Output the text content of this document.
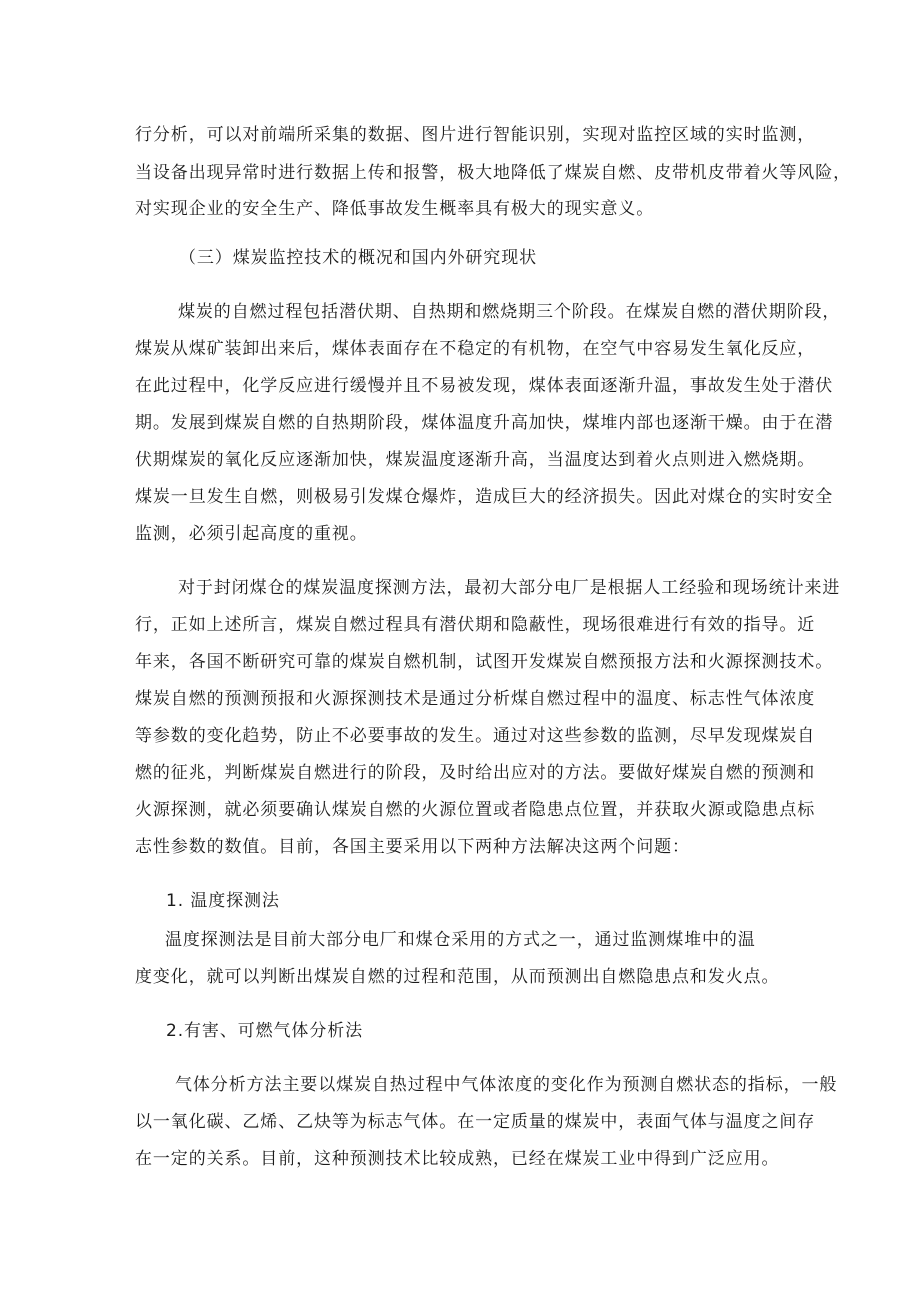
行分析，可以对前端所采集的数据、图片进行智能识别，实现对监控区域的实时监测，
当设备出现异常时进行数据上传和报警，极大地降低了煤炭自燃、皮带机皮带着火等风险，
对实现企业的安全生产、降低事故发生概率具有极大的现实意义。
（三）煤炭监控技术的概况和国内外研究现状
煤炭的自燃过程包括潜伏期、自热期和燃烧期三个阶段。在煤炭自燃的潜伏期阶段，
煤炭从煤矿装卸出来后，煤体表面存在不稳定的有机物，在空气中容易发生氧化反应，
在此过程中，化学反应进行缓慢并且不易被发现，煤体表面逐渐升温，事故发生处于潜伏
期。发展到煤炭自燃的自热期阶段，煤体温度升高加快，煤堆内部也逐渐干燥。由于在潜
伏期煤炭的氧化反应逐渐加快，煤炭温度逐渐升高，当温度达到着火点则进入燃烧期。
煤炭一旦发生自燃，则极易引发煤仓爆炸，造成巨大的经济损失。因此对煤仓的实时安全
监测，必须引起高度的重视。
对于封闭煤仓的煤炭温度探测方法，最初大部分电厂是根据人工经验和现场统计来进
行，正如上述所言，煤炭自燃过程具有潜伏期和隐蔽性，现场很难进行有效的指导。近
年来，各国不断研究可靠的煤炭自燃机制，试图开发煤炭自燃预报方法和火源探测技术。
煤炭自燃的预测预报和火源探测技术是通过分析煤自燃过程中的温度、标志性气体浓度
等参数的变化趋势，防止不必要事故的发生。通过对这些参数的监测，尽早发现煤炭自
燃的征兆，判断煤炭自燃进行的阶段，及时给出应对的方法。要做好煤炭自燃的预测和
火源探测，就必须要确认煤炭自燃的火源位置或者隐患点位置，并获取火源或隐患点标
志性参数的数值。目前，各国主要采用以下两种方法解决这两个问题：
1. 温度探测法
温度探测法是目前大部分电厂和煤仓采用的方式之一，通过监测煤堆中的温
度变化，就可以判断出煤炭自燃的过程和范围，从而预测出自燃隐患点和发火点。
2.有害、可燃气体分析法
气体分析方法主要以煤炭自热过程中气体浓度的变化作为预测自燃状态的指标，一般
以一氧化碳、乙烯、乙炔等为标志气体。在一定质量的煤炭中，表面气体与温度之间存
在一定的关系。目前，这种预测技术比较成熟，已经在煤炭工业中得到广泛应用。
